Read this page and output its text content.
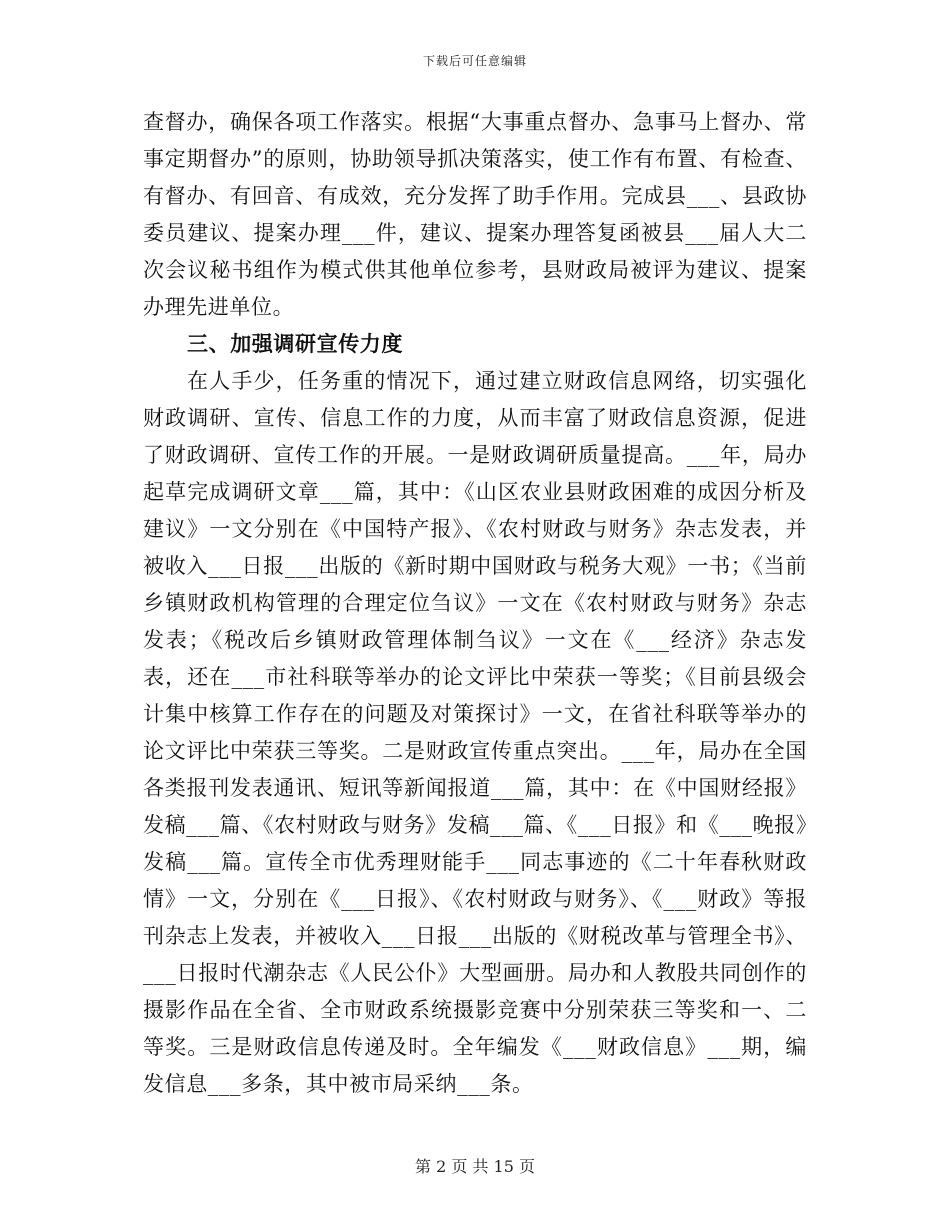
下载后可任意编辑

查督办，确保各项工作落实。根据“大事重点督办、急事马上督办、常事定期督办”的原则，协助领导抓决策落实，使工作有布置、有检查、有督办、有回音、有成效，充分发挥了助手作用。完成县___、县政协委员建议、提案办理___件，建议、提案办理答复函被县___届人大二次会议秘书组作为模式供其他单位参考，县财政局被评为建议、提案办理先进单位。

三、加强调研宣传力度

在人手少，任务重的情况下，通过建立财政信息网络，切实强化财政调研、宣传、信息工作的力度，从而丰富了财政信息资源，促进了财政调研、宣传工作的开展。一是财政调研质量提高。___年，局办起草完成调研文章___篇，其中：《山区农业县财政困难的成因分析及建议》一文分别在《中国特产报》、《农村财政与财务》杂志发表，并被收入___日报___出版的《新时期中国财政与税务大观》一书；《当前乡镇财政机构管理的合理定位刍议》一文在《农村财政与财务》杂志发表；《税改后乡镇财政管理体制刍议》一文在《___经济》杂志发表，还在___市社科联等举办的论文评比中荣获一等奖；《目前县级会计集中核算工作存在的问题及对策探讨》一文，在省社科联等举办的论文评比中荣获三等奖。二是财政宣传重点突出。___年，局办在全国各类报刊发表通讯、短讯等新闻报道___篇，其中：在《中国财经报》发稿___篇、《农村财政与财务》发稿___篇、《___日报》和《___晚报》发稿___篇。宣传全市优秀理财能手___同志事迹的《二十年春秋财政情》一文，分别在《___日报》、《农村财政与财务》、《___财政》等报刊杂志上发表，并被收入___日报___出版的《财税改革与管理全书》、___日报时代潮杂志《人民公仆》大型画册。局办和人教股共同创作的摄影作品在全省、全市财政系统摄影竞赛中分别荣获三等奖和一、二等奖。三是财政信息传递及时。全年编发《___财政信息》___期，编发信息___多条，其中被市局采纳___条。

第 2 页 共 15 页
